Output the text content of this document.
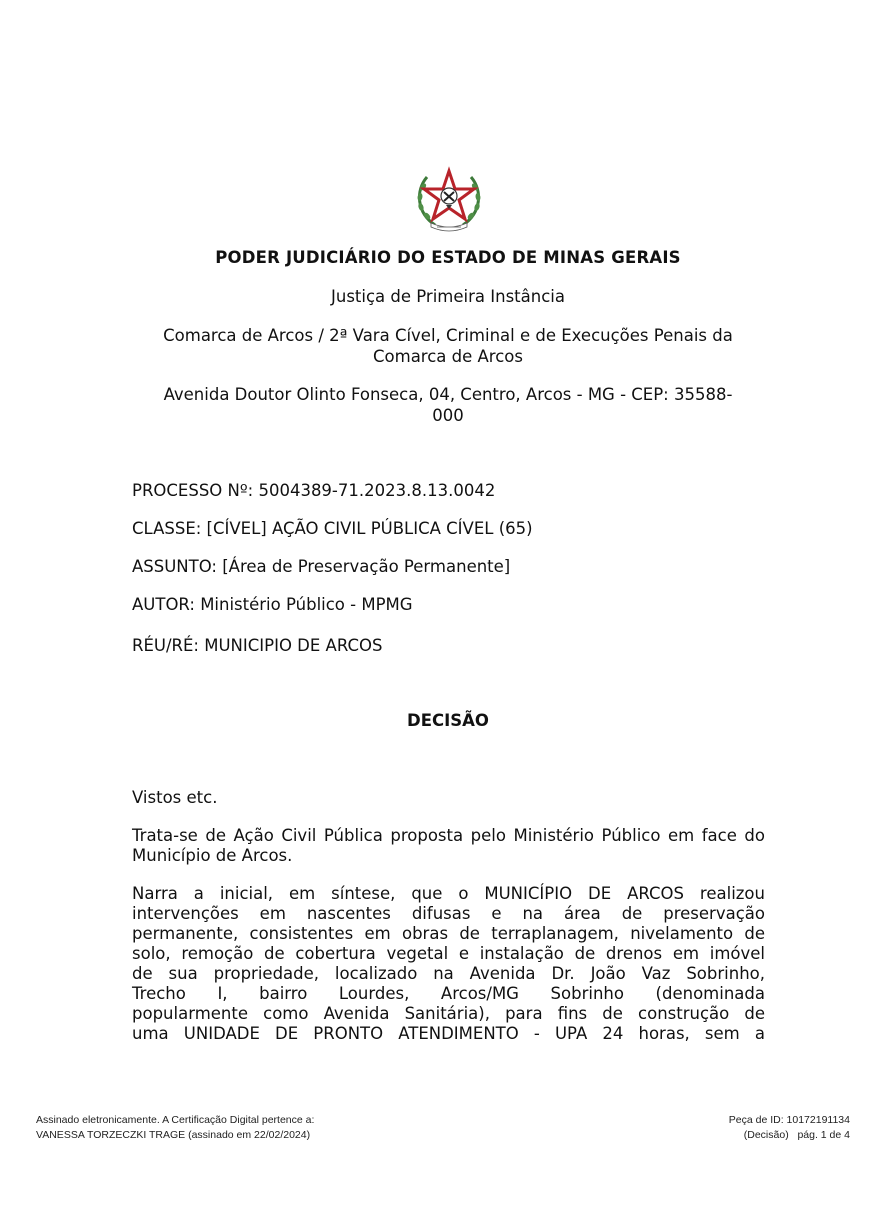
PODER JUDICIÁRIO DO ESTADO DE MINAS GERAIS
Justiça de Primeira Instância
Comarca de Arcos / 2ª Vara Cível, Criminal e de Execuções Penais da
Comarca de Arcos
Avenida Doutor Olinto Fonseca, 04, Centro, Arcos - MG - CEP: 35588-
000
PROCESSO Nº: 5004389-71.2023.8.13.0042
CLASSE: [CÍVEL] AÇÃO CIVIL PÚBLICA CÍVEL (65)
ASSUNTO: [Área de Preservação Permanente]
AUTOR: Ministério Público - MPMG
RÉU/RÉ: MUNICIPIO DE ARCOS
DECISÃO
Vistos etc.
Trata-se de Ação Civil Pública proposta pelo Ministério Público em face do Município de Arcos.
Narra a inicial, em síntese, que o MUNICÍPIO DE ARCOS realizou
intervenções em nascentes difusas e na área de preservação
permanente, consistentes em obras de terraplanagem, nivelamento de
solo, remoção de cobertura vegetal e instalação de drenos em imóvel
de sua propriedade, localizado na Avenida Dr. João Vaz Sobrinho,
Trecho I, bairro Lourdes, Arcos/MG Sobrinho (denominada
popularmente como Avenida Sanitária), para fins de construção de
uma UNIDADE DE PRONTO ATENDIMENTO - UPA 24 horas, sem a
Assinado eletronicamente. A Certificação Digital pertence a:
VANESSA TORZECZKI TRAGE (assinado em 22/02/2024)
Peça de ID: 10172191134
(Decisão)   pág. 1 de 4
